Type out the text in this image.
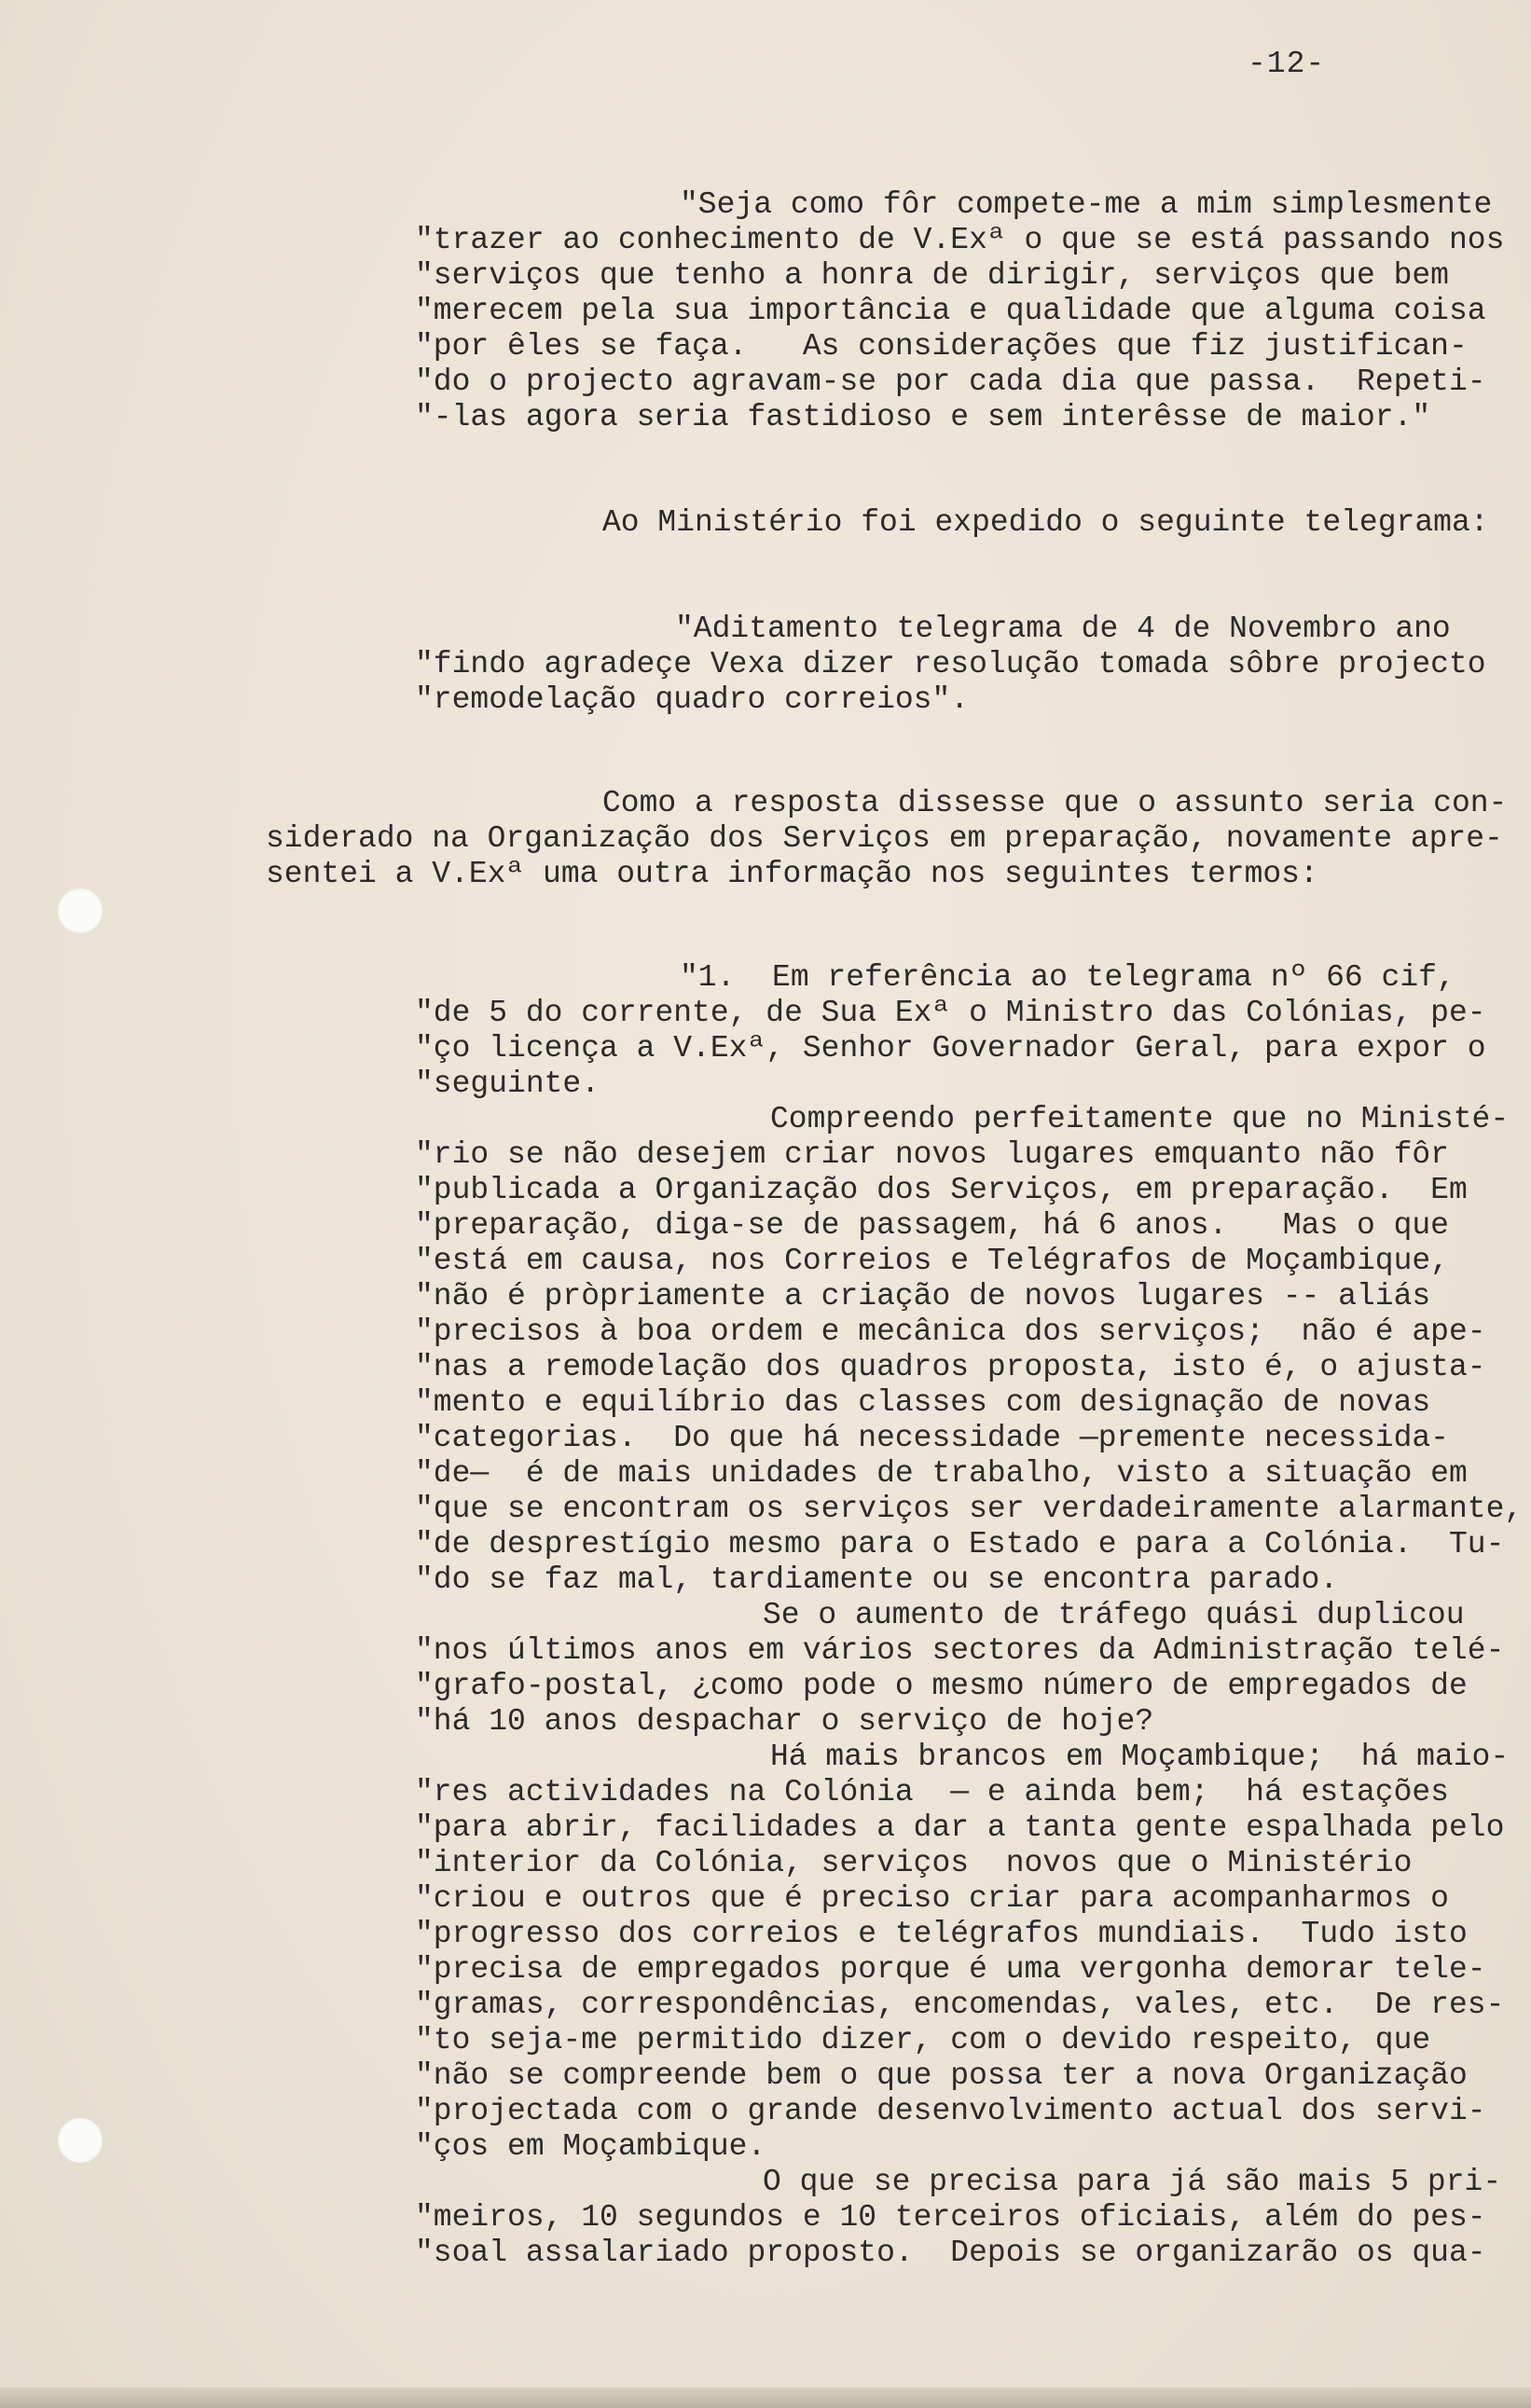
-12-
"Seja como fôr compete-me a mim simplesmente
"trazer ao conhecimento de V.Exª o que se está passando nos
"serviços que tenho a honra de dirigir, serviços que bem
"merecem pela sua importância e qualidade que alguma coisa
"por êles se faça.   As considerações que fiz justifican-
"do o projecto agravam-se por cada dia que passa.  Repeti-
"-las agora seria fastidioso e sem interêsse de maior."
Ao Ministério foi expedido o seguinte telegrama:
"Aditamento telegrama de 4 de Novembro ano
"findo agradeçe Vexa dizer resolução tomada sôbre projecto
"remodelação quadro correios".
Como a resposta dissesse que o assunto seria con-
siderado na Organização dos Serviços em preparação, novamente apre-
sentei a V.Exª uma outra informação nos seguintes termos:
"1.  Em referência ao telegrama nº 66 cif,
"de 5 do corrente, de Sua Exª o Ministro das Colónias, pe-
"ço licença a V.Exª, Senhor Governador Geral, para expor o
"seguinte.
Compreendo perfeitamente que no Ministé-
"rio se não desejem criar novos lugares emquanto não fôr
"publicada a Organização dos Serviços, em preparação.  Em
"preparação, diga-se de passagem, há 6 anos.   Mas o que
"está em causa, nos Correios e Telégrafos de Moçambique,
"não é pròpriamente a criação de novos lugares -- aliás
"precisos à boa ordem e mecânica dos serviços;  não é ape-
"nas a remodelação dos quadros proposta, isto é, o ajusta-
"mento e equilíbrio das classes com designação de novas
"categorias.  Do que há necessidade —premente necessida-
"de—  é de mais unidades de trabalho, visto a situação em
"que se encontram os serviços ser verdadeiramente alarmante,
"de desprestígio mesmo para o Estado e para a Colónia.  Tu-
"do se faz mal, tardiamente ou se encontra parado.
Se o aumento de tráfego quási duplicou
"nos últimos anos em vários sectores da Administração telé-
"grafo-postal, ¿como pode o mesmo número de empregados de
"há 10 anos despachar o serviço de hoje?
Há mais brancos em Moçambique;  há maio-
"res actividades na Colónia  — e ainda bem;  há estações
"para abrir, facilidades a dar a tanta gente espalhada pelo
"interior da Colónia, serviços  novos que o Ministério
"criou e outros que é preciso criar para acompanharmos o
"progresso dos correios e telégrafos mundiais.  Tudo isto
"precisa de empregados porque é uma vergonha demorar tele-
"gramas, correspondências, encomendas, vales, etc.  De res-
"to seja-me permitido dizer, com o devido respeito, que
"não se compreende bem o que possa ter a nova Organização
"projectada com o grande desenvolvimento actual dos servi-
"ços em Moçambique.
O que se precisa para já são mais 5 pri-
"meiros, 10 segundos e 10 terceiros oficiais, além do pes-
"soal assalariado proposto.  Depois se organizarão os qua-
